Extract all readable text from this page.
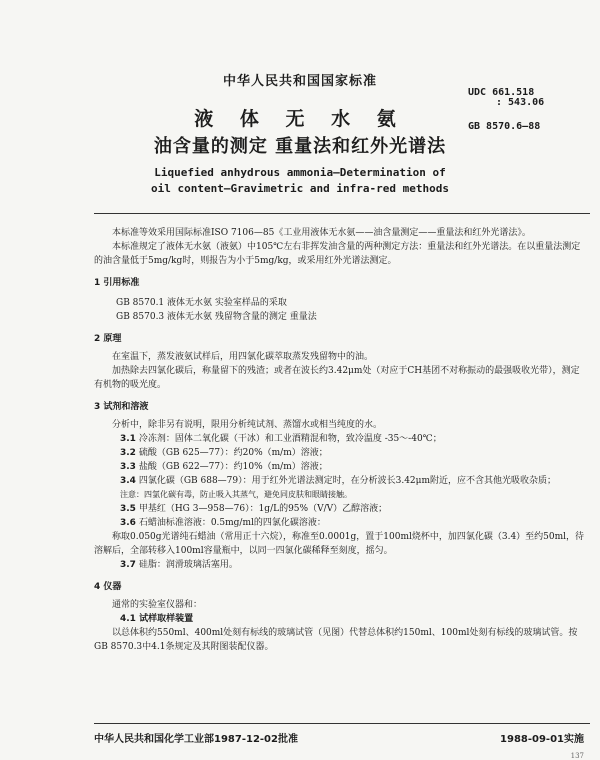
中华人民共和国国家标准
液 体 无 水 氨
油含量的测定 重量法和红外光谱法
Liquefied anhydrous ammonia—Determination of
oil content—Gravimetric and infra-red methods
UDC 661.518
: 543.06
GB 8570.6—88

本标准等效采用国际标准ISO 7106—85《工业用液体无水氨——油含量测定——重量法和红外光谱法》。

本标准规定了液体无水氨（液氨）中105℃左右非挥发油含量的两种测定方法：重量法和红外光谱法。在以重量法测定的油含量低于5mg/kg时，则报告为小于5mg/kg，或采用红外光谱法测定。

1 引用标准

GB 8570.1 液体无水氨 实验室样品的采取

GB 8570.3 液体无水氨 残留物含量的测定 重量法

2 原理

在室温下，蒸发液氨试样后，用四氯化碳萃取蒸发残留物中的油。

加热除去四氯化碳后，称量留下的残渣；或者在波长约3.42μm处（对应于CH基团不对称振动的最强吸收光带），测定有机物的吸光度。

3 试剂和溶液

分析中，除非另有说明，限用分析纯试剂、蒸馏水或相当纯度的水。

3.1 冷冻剂：固体二氧化碳（干冰）和工业酒精混和物，致冷温度 -35～-40℃；

3.2 硫酸（GB 625—77）：约20%（m/m）溶液；

3.3 盐酸（GB 622—77）：约10%（m/m）溶液；

3.4 四氯化碳（GB 688—79）：用于红外光谱法测定时，在分析波长3.42μm附近，应不含其他光吸收杂质；

注意：四氯化碳有毒，防止吸入其蒸气，避免同皮肤和眼睛接触。

3.5 甲基红（HG 3—958—76）：1g/L的95%（V/V）乙醇溶液；

3.6 石蜡油标准溶液：0.5mg/ml的四氯化碳溶液：

称取0.050g光谱纯石蜡油（常用正十六烷），称准至0.0001g，置于100ml烧杯中，加四氯化碳（3.4）至约50ml，待溶解后，全部转移入100ml容量瓶中，以同一四氯化碳稀释至刻度，摇匀。

3.7 硅脂：润滑玻璃活塞用。

4 仪器

通常的实验室仪器和：

4.1 试样取样装置

以总体积约550ml、400ml处刻有标线的玻璃试管（见图）代替总体积约150ml、100ml处刻有标线的玻璃试管。按GB 8570.3中4.1条规定及其附图装配仪器。

中华人民共和国化学工业部1987-12-02批准	1988-09-01实施
137
